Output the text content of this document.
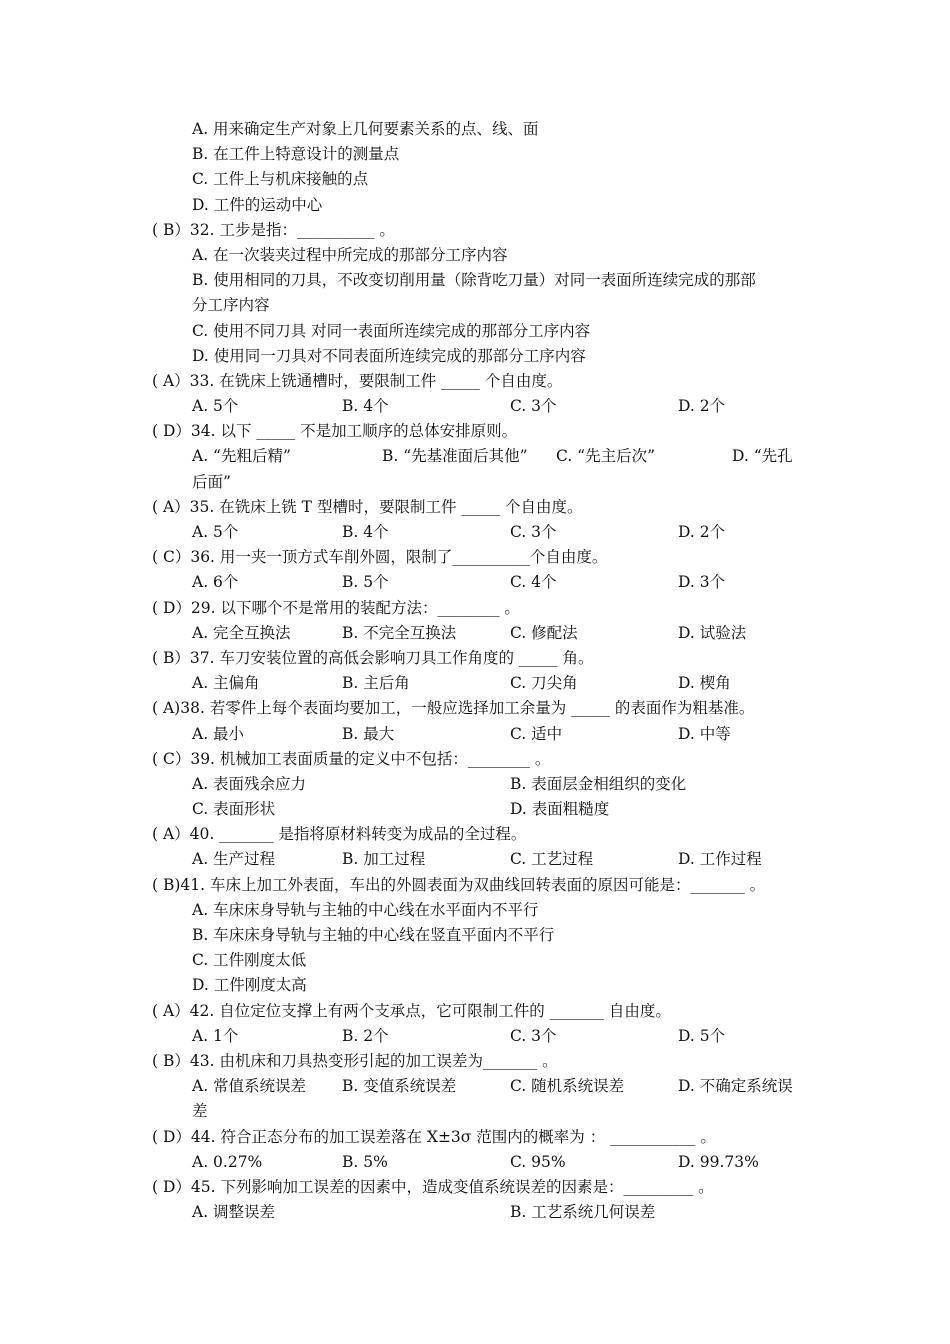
A. 用来确定生产对象上几何要素关系的点、线、面
B. 在工件上特意设计的测量点
C. 工件上与机床接触的点
D. 工件的运动中心
( B）32. 工步是指：__________ 。
A. 在一次装夹过程中所完成的那部分工序内容
B. 使用相同的刀具，不改变切削用量（除背吃刀量）对同一表面所连续完成的那部
分工序内容
C. 使用不同刀具 对同一表面所连续完成的那部分工序内容
D. 使用同一刀具对不同表面所连续完成的那部分工序内容
( A）33. 在铣床上铣通槽时，要限制工件 _____ 个自由度。
A. 5个	B. 4个	C. 3个	D. 2个
( D）34. 以下 _____ 不是加工顺序的总体安排原则。
A. “先粗后精”	B. “先基准面后其他” C. “先主后次”	D. “先孔
后面”
( A）35. 在铣床上铣 T 型槽时，要限制工件 _____ 个自由度。
A. 5个	B. 4个	C. 3个	D. 2个
( C）36. 用一夹一顶方式车削外圆，限制了__________个自由度。
A. 6个	B. 5个	C. 4个	D. 3个
( D）29. 以下哪个不是常用的装配方法：________ 。
A. 完全互换法	B. 不完全互换法	C. 修配法	D. 试验法
( B）37. 车刀安装位置的高低会影响刀具工作角度的 _____ 角。
A. 主偏角	B. 主后角	C. 刀尖角	D. 楔角
( A)38. 若零件上每个表面均要加工，一般应选择加工余量为 _____ 的表面作为粗基准。
A. 最小	B. 最大	C. 适中	D. 中等
( C）39. 机械加工表面质量的定义中不包括：________ 。
A. 表面残余应力	B. 表面层金相组织的变化
C. 表面形状	D. 表面粗糙度
( A）40. _______ 是指将原材料转变为成品的全过程。
A. 生产过程	B. 加工过程	C. 工艺过程	D. 工作过程
( B)41. 车床上加工外表面，车出的外圆表面为双曲线回转表面的原因可能是：_______ 。
A. 车床床身导轨与主轴的中心线在水平面内不平行
B. 车床床身导轨与主轴的中心线在竖直平面内不平行
C. 工件刚度太低
D. 工件刚度太高
( A）42. 自位定位支撑上有两个支承点，它可限制工件的 _______ 自由度。
A. 1个	B. 2个	C. 3个	D. 5个
( B）43. 由机床和刀具热变形引起的加工误差为_______ 。
A. 常值系统误差 B. 变值系统误差	C. 随机系统误差	D. 不确定系统误
差
( D）44. 符合正态分布的加工误差落在 X±3σ 范围内的概率为 ： ___________ 。
A. 0.27%	B. 5%	C. 95%	D. 99.73%
( D）45. 下列影响加工误差的因素中，造成变值系统误差的因素是：_________ 。
A. 调整误差	B. 工艺系统几何误差
